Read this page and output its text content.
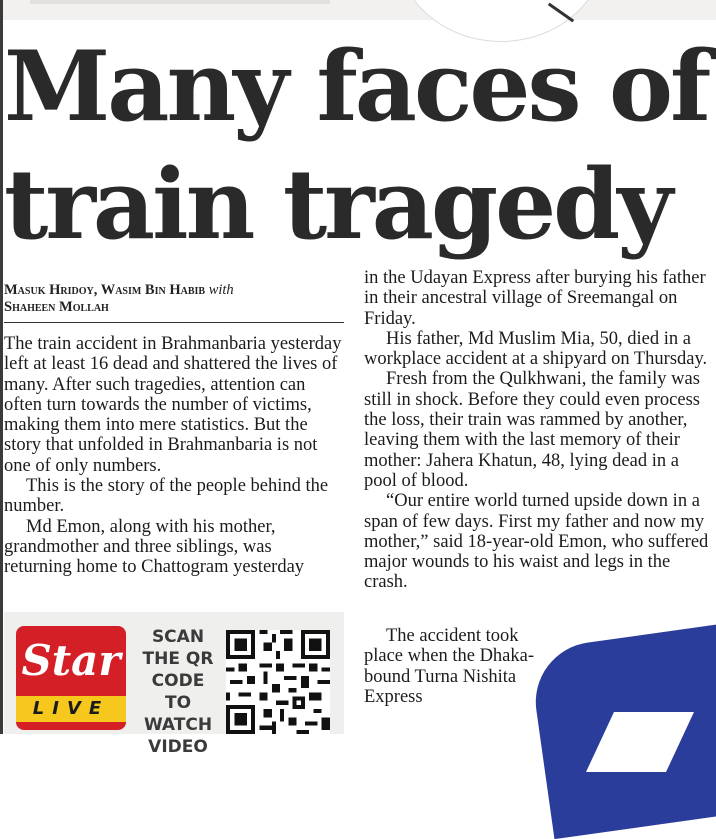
Many faces of
train tragedy

Masuk Hridoy, Wasim Bin Habib with
Shaheen Mollah

The train accident in Brahmanbaria yesterday left at least 16 dead and shattered the lives of many. After such tragedies, attention can often turn towards the number of victims, making them into mere statistics. But the story that unfolded in Brahmanbaria is not one of only numbers.

This is the story of the people behind the number.

Md Emon, along with his mother, grandmother and three siblings, was returning home to Chattogram yesterday

in the Udayan Express after burying his father in their ancestral village of Sreemangal on Friday.

His father, Md Muslim Mia, 50, died in a workplace accident at a shipyard on Thursday.

Fresh from the Qulkhwani, the family was still in shock. Before they could even process the loss, their train was rammed by another, leaving them with the last memory of their mother: Jahera Khatun, 48, lying dead in a pool of blood.

“Our entire world turned upside down in a span of few days. First my father and now my mother,” said 18-year-old Emon, who suffered major wounds to his waist and legs in the crash.

The accident took place when the Dhaka-bound Turna Nishita Express

Star
LIVE
SCAN
THE QR
CODE TO
WATCH
VIDEO
